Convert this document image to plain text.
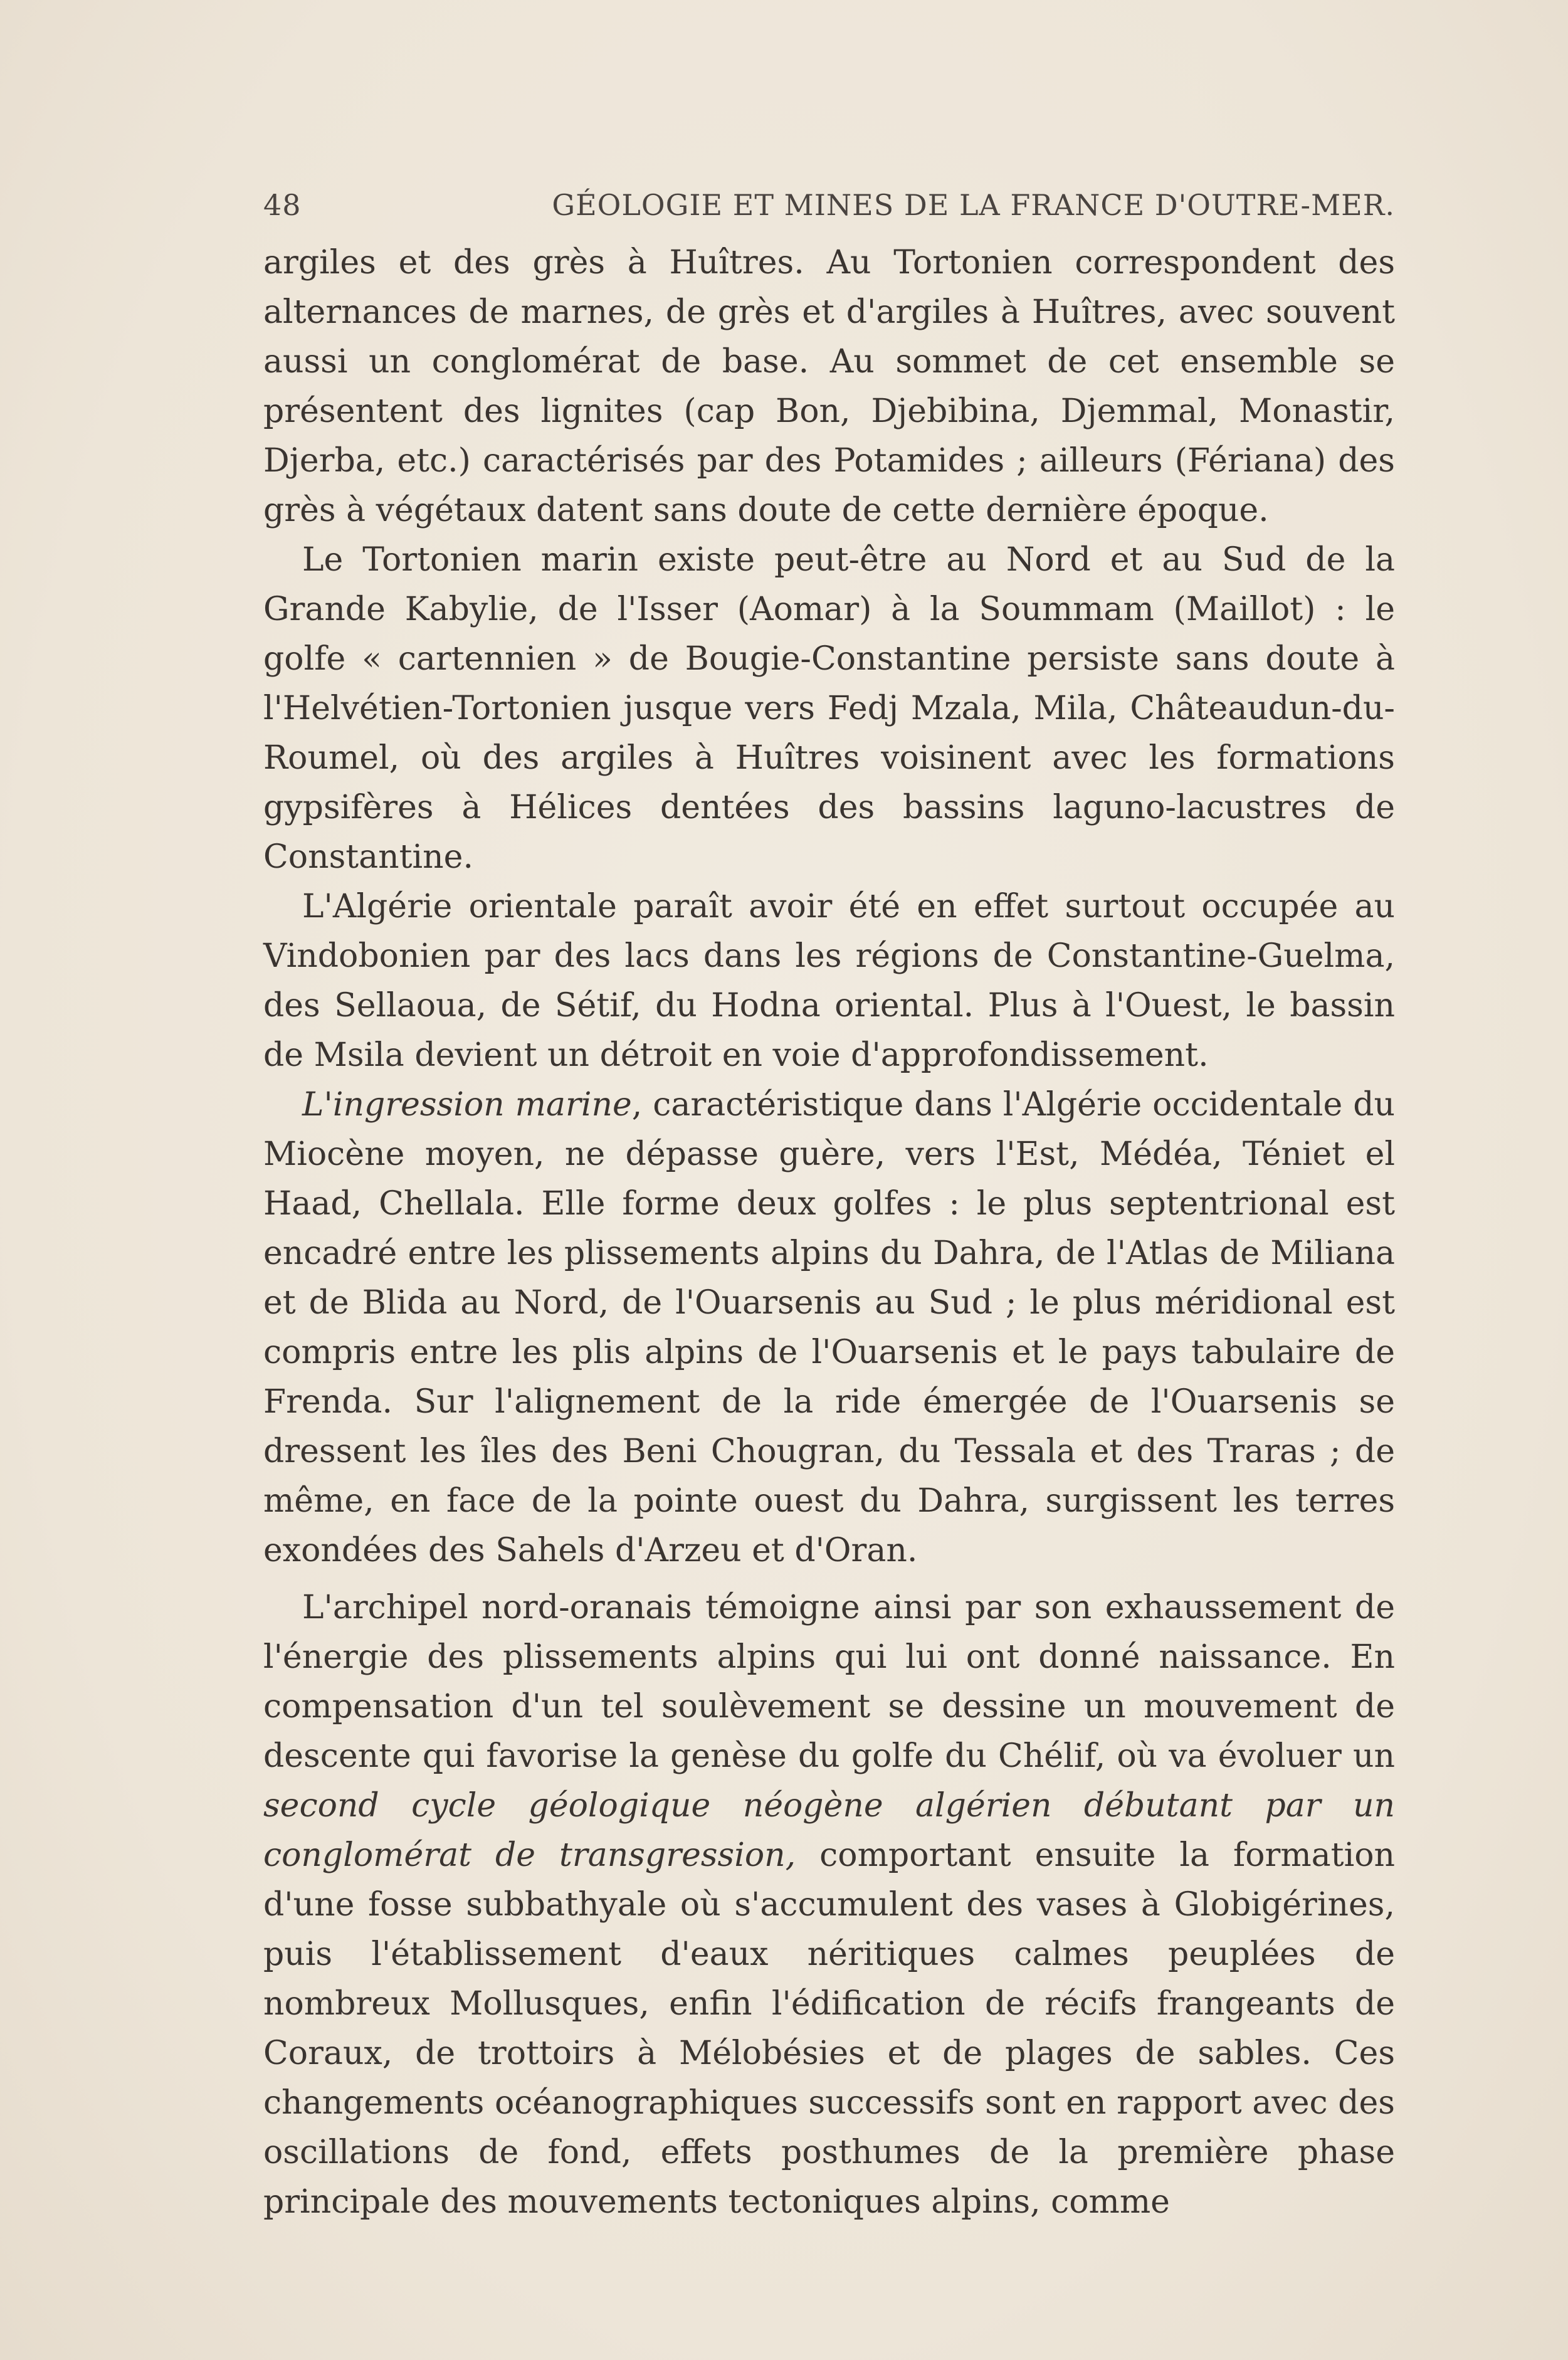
48	GÉOLOGIE ET MINES DE LA FRANCE D'OUTRE-MER.

argiles et des grès à Huîtres. Au Tortonien correspondent des alternances de marnes, de grès et d'argiles à Huîtres, avec souvent aussi un conglomérat de base. Au sommet de cet ensemble se présentent des lignites (cap Bon, Djebibina, Djemmal, Monastir, Djerba, etc.) caractérisés par des Potamides ; ailleurs (Fériana) des grès à végétaux datent sans doute de cette dernière époque.

Le Tortonien marin existe peut-être au Nord et au Sud de la Grande Kabylie, de l'Isser (Aomar) à la Soummam (Maillot) : le golfe « cartennien » de Bougie-Constantine persiste sans doute à l'Helvétien-Tortonien jusque vers Fedj Mzala, Mila, Châteaudun-du-Roumel, où des argiles à Huîtres voisinent avec les formations gypsifères à Hélices dentées des bassins laguno-lacustres de Constantine.

L'Algérie orientale paraît avoir été en effet surtout occupée au Vindobonien par des lacs dans les régions de Constantine-Guelma, des Sellaoua, de Sétif, du Hodna oriental. Plus à l'Ouest, le bassin de Msila devient un détroit en voie d'approfondissement.

L'ingression marine, caractéristique dans l'Algérie occidentale du Miocène moyen, ne dépasse guère, vers l'Est, Médéa, Téniet el Haad, Chellala. Elle forme deux golfes : le plus septentrional est encadré entre les plissements alpins du Dahra, de l'Atlas de Miliana et de Blida au Nord, de l'Ouarsenis au Sud ; le plus méridional est compris entre les plis alpins de l'Ouarsenis et le pays tabulaire de Frenda. Sur l'alignement de la ride émergée de l'Ouarsenis se dressent les îles des Beni Chougran, du Tessala et des Traras ; de même, en face de la pointe ouest du Dahra, surgissent les terres exondées des Sahels d'Arzeu et d'Oran.

L'archipel nord-oranais témoigne ainsi par son exhaussement de l'énergie des plissements alpins qui lui ont donné naissance. En compensation d'un tel soulèvement se dessine un mouvement de descente qui favorise la genèse du golfe du Chélif, où va évoluer un second cycle géologique néogène algérien débutant par un conglomérat de transgression, comportant ensuite la formation d'une fosse subbathyale où s'accumulent des vases à Globigérines, puis l'établissement d'eaux néritiques calmes peuplées de nombreux Mollusques, enfin l'édification de récifs frangeants de Coraux, de trottoirs à Mélobésies et de plages de sables. Ces changements océanographiques successifs sont en rapport avec des oscillations de fond, effets posthumes de la première phase principale des mouvements tectoniques alpins, comme
